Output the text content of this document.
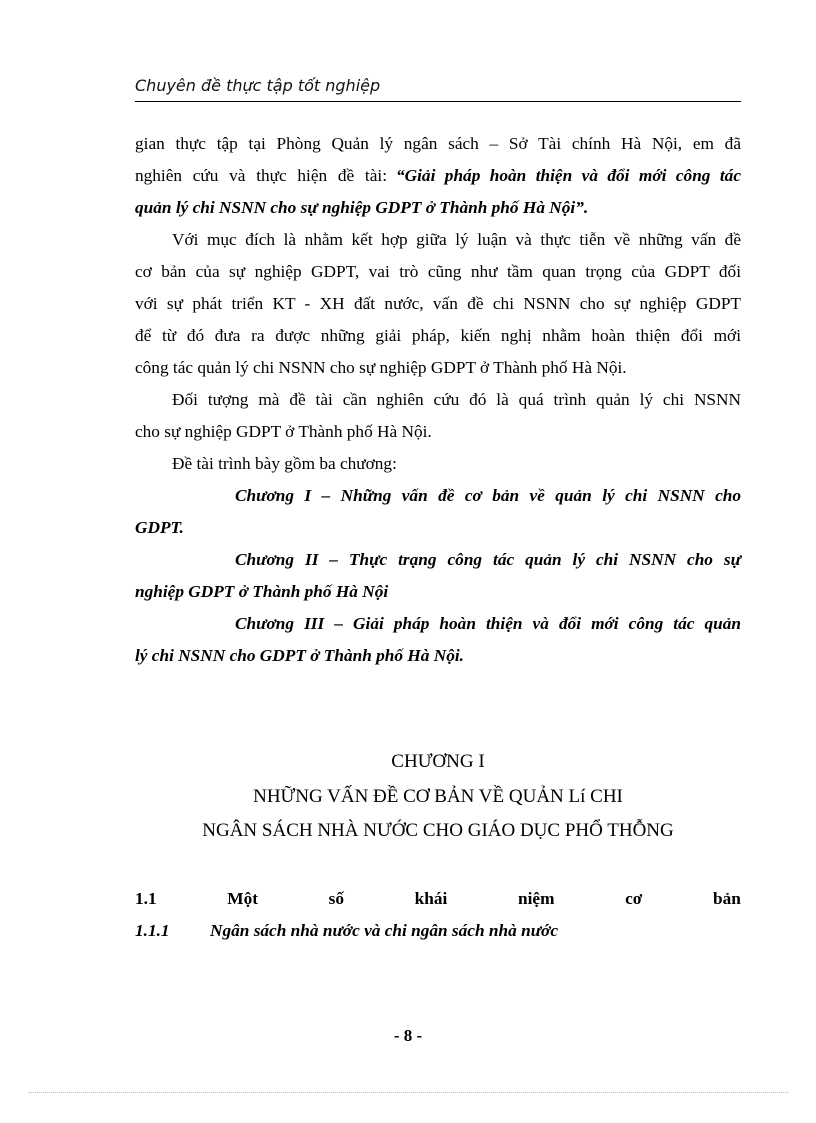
Chuyên đề thực tập tốt nghiệp
gian thực tập tại Phòng Quản lý ngân sách – Sở Tài chính Hà Nội, em đã
nghiên cứu và thực hiện đề tài: “Giải pháp hoàn thiện và đổi mới công tác
quản lý chi NSNN cho sự nghiệp GDPT ở Thành phố Hà Nội”.
Với mục đích là nhằm kết hợp giữa lý luận và thực tiễn về những vấn đề
cơ bản của sự nghiệp GDPT, vai trò cũng như tầm quan trọng của GDPT đối
với sự phát triển KT - XH đất nước, vấn đề chi NSNN cho sự nghiệp GDPT
để từ đó đưa ra được những giải pháp, kiến nghị nhằm hoàn thiện đổi mới
công tác quản lý chi NSNN cho sự nghiệp GDPT ở Thành phố Hà Nội.
Đối tượng mà đề tài cần nghiên cứu đó là quá trình quản lý chi NSNN
cho sự nghiệp GDPT ở Thành phố Hà Nội.
Đề tài trình bày gồm ba chương:
Chương I – Những vấn đề cơ bản về quản lý chi NSNN cho
GDPT.
Chương II – Thực trạng công tác quản lý chi NSNN cho sự
nghiệp GDPT ở Thành phố Hà Nội
Chương III – Giải pháp hoàn thiện và đổi mới công tác quản
lý chi NSNN cho GDPT ở Thành phố Hà Nội.
CHƯƠNG I
NHỮNG VẤN ĐỀ CƠ BẢN VỀ QUẢN Lí CHI
NGÂN SÁCH NHÀ NƯỚC CHO GIÁO DỤC PHỔ THỖNG
1.1	Một	số	khái	niệm	cơ	bản
1.1.1 Ngân sách nhà nước và chi ngân sách nhà nước
- 8 -
